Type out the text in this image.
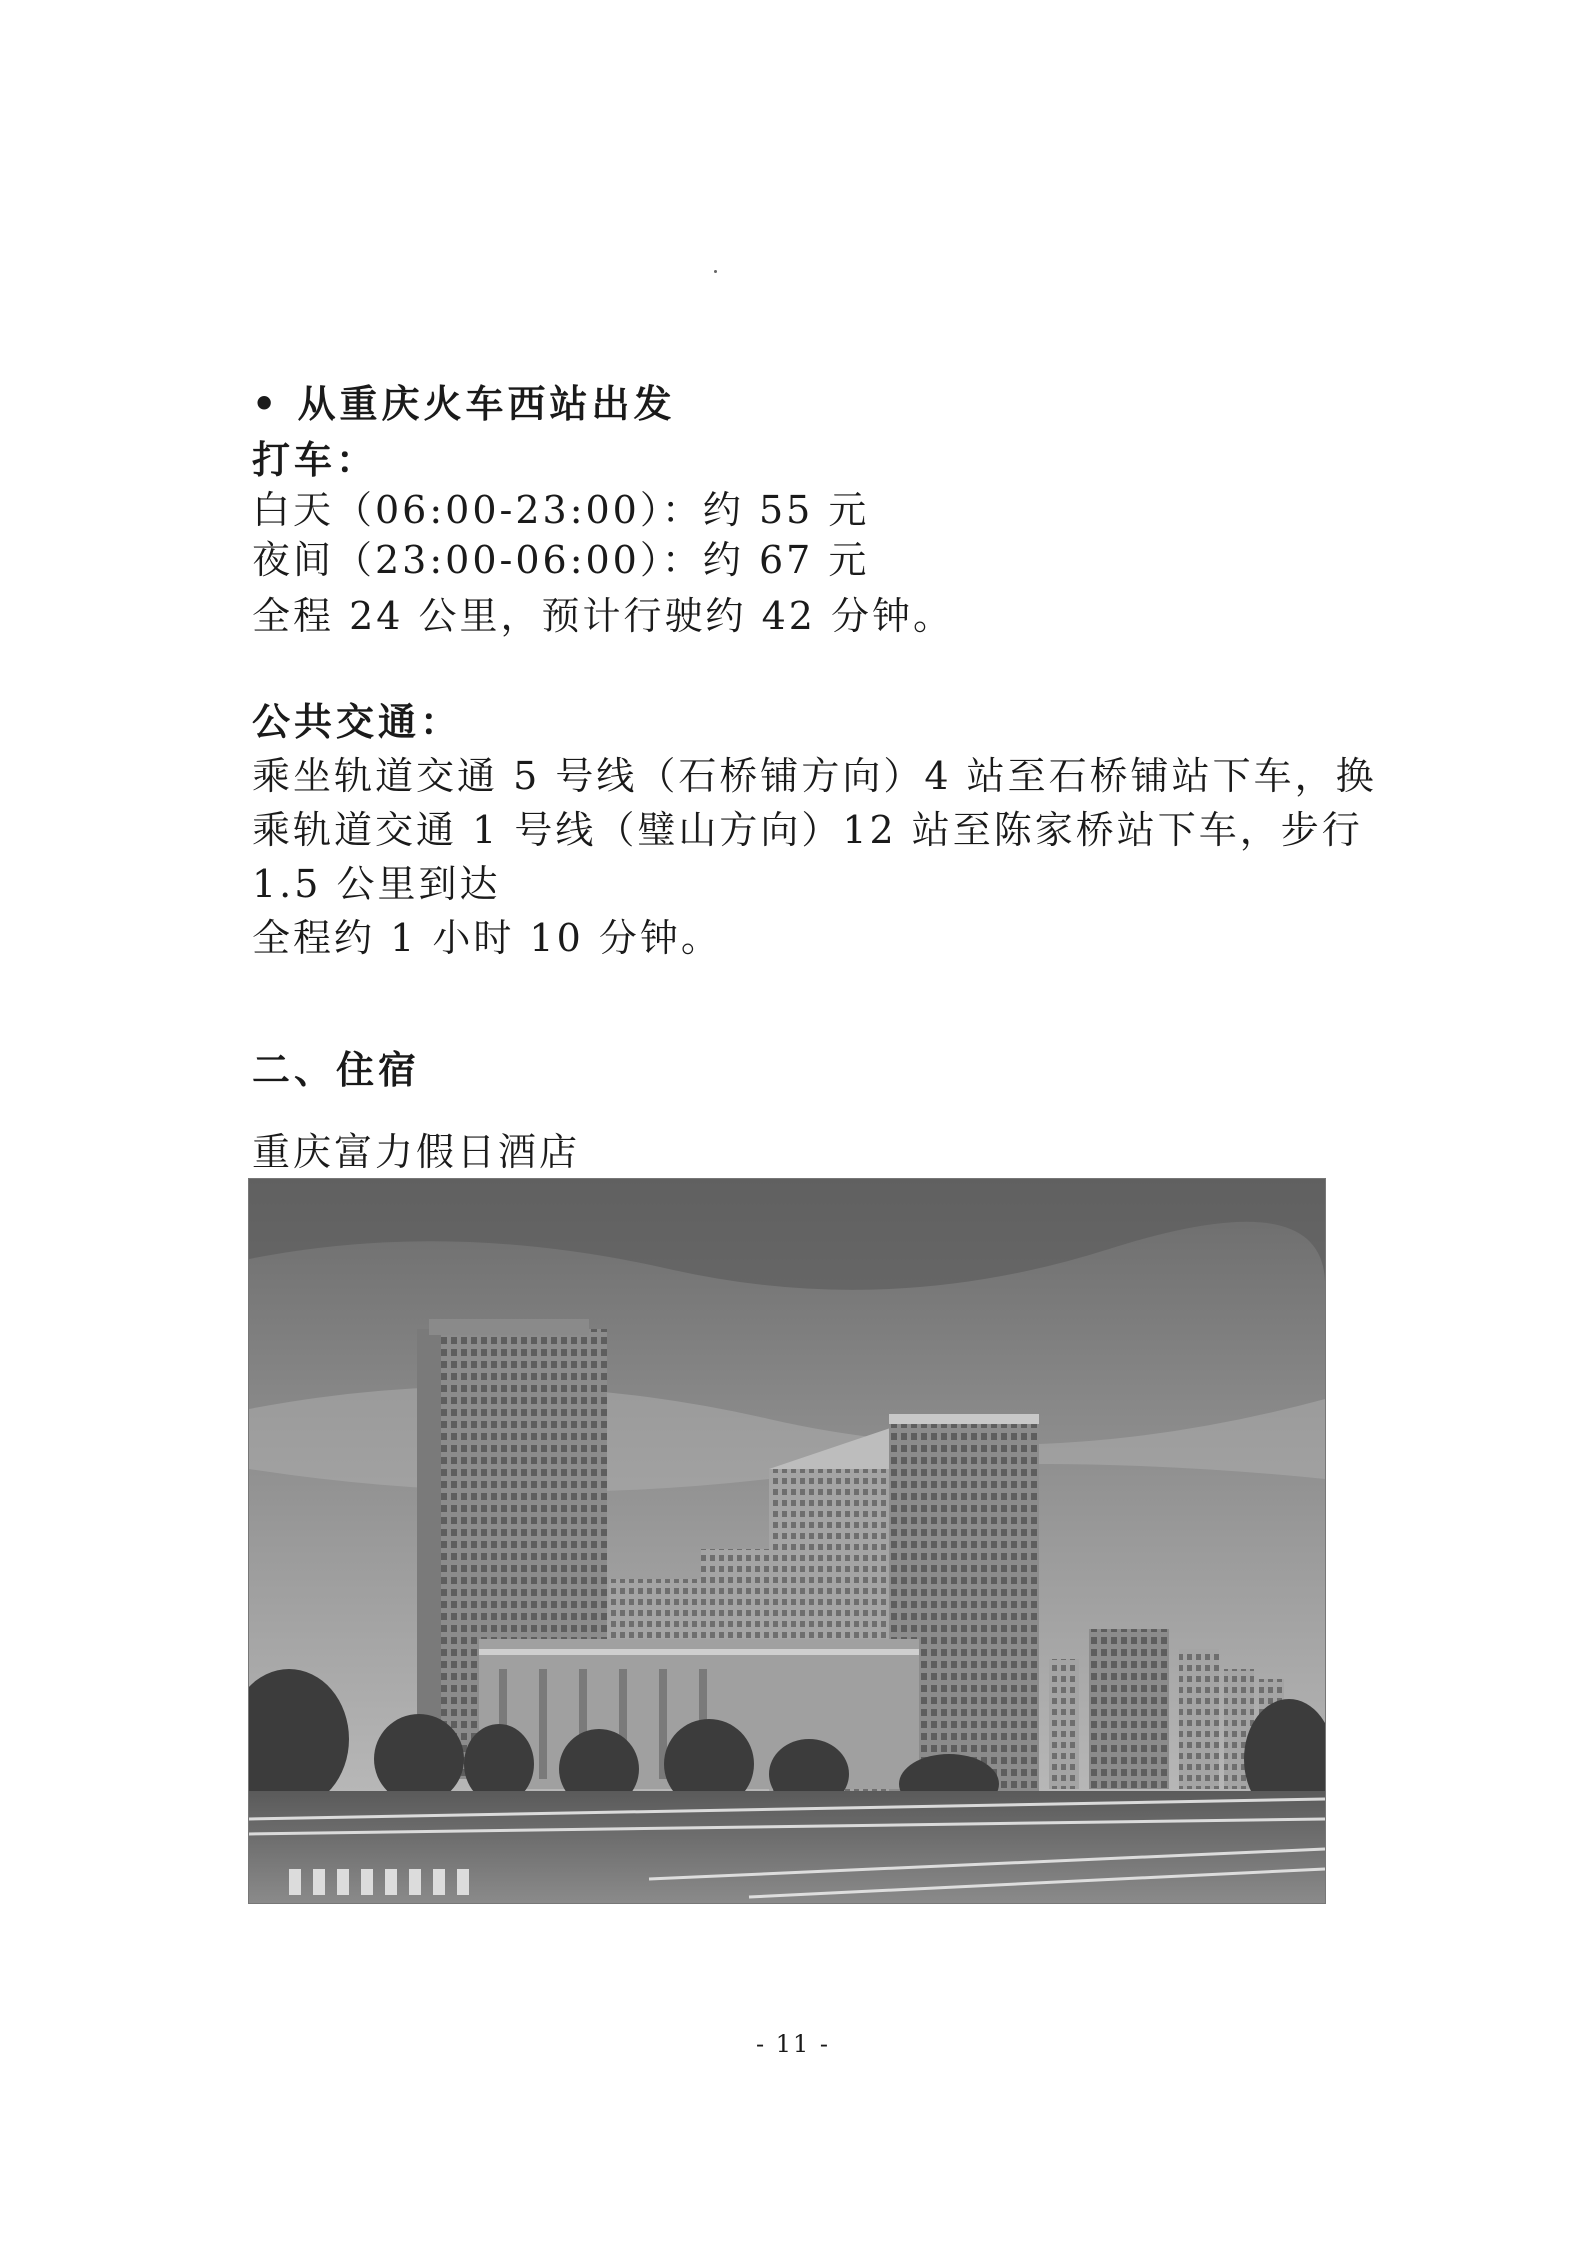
• 从重庆火车西站出发
打车：
白天（06:00-23:00）：约 55 元
夜间（23:00-06:00）：约 67 元
全程 24 公里，预计行驶约 42 分钟。
公共交通：
乘坐轨道交通 5 号线（石桥铺方向）4 站至石桥铺站下车，换
乘轨道交通 1 号线（璧山方向）12 站至陈家桥站下车，步行
1.5 公里到达
全程约 1 小时 10 分钟。
二、住宿
重庆富力假日酒店
- 11 -
